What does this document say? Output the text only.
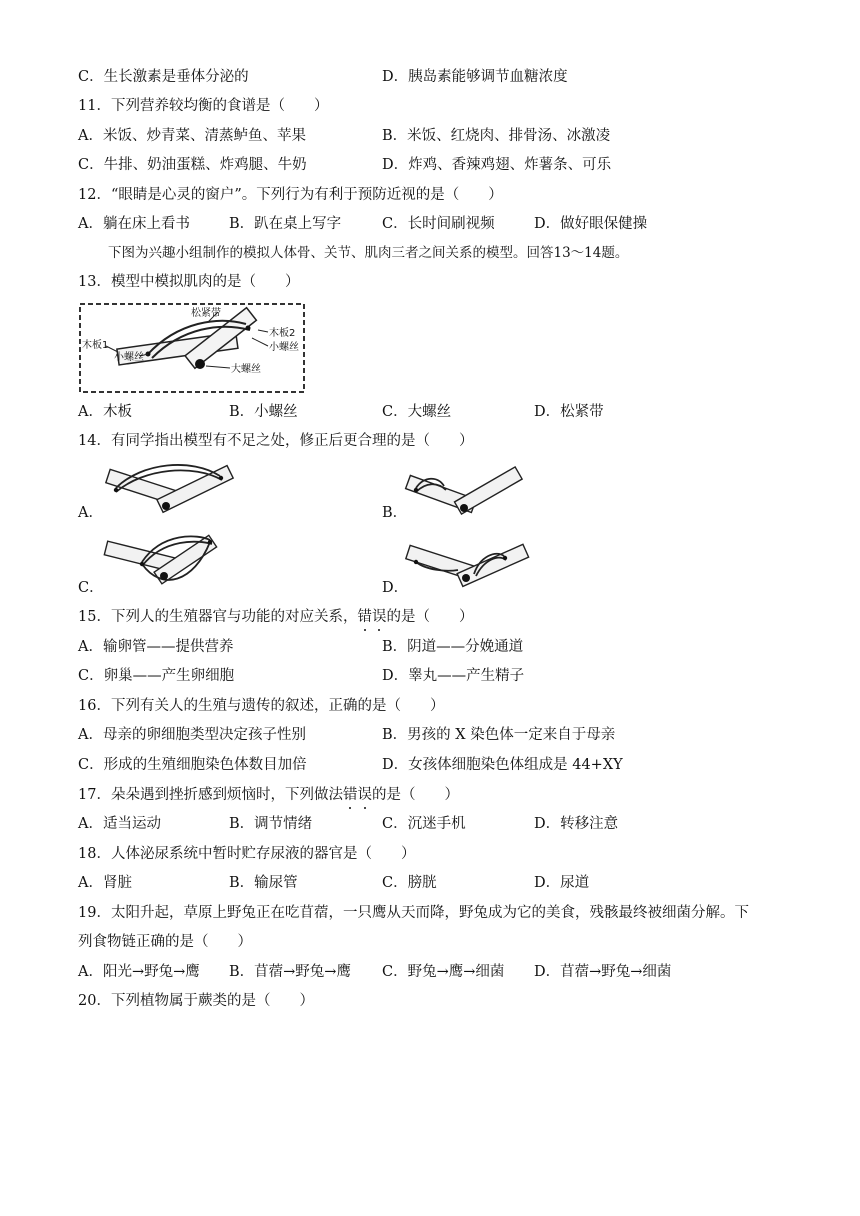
C．生长激素是垂体分泌的	D．胰岛素能够调节血糖浓度
11．下列营养较均衡的食谱是（　　）
A．米饭、炒青菜、清蒸鲈鱼、苹果	B．米饭、红烧肉、排骨汤、冰激凌
C．牛排、奶油蛋糕、炸鸡腿、牛奶	D．炸鸡、香辣鸡翅、炸薯条、可乐
12．“眼睛是心灵的窗户”。下列行为有利于预防近视的是（　　）
A．躺在床上看书	B．趴在桌上写字	C．长时间刷视频	D．做好眼保健操
下图为兴趣小组制作的模拟人体骨、关节、肌肉三者之间关系的模型。回答13～14题。
13．模型中模拟肌肉的是（　　）
松紧带
木板2
小螺丝
木板1
小螺丝
大螺丝
A．木板	B．小螺丝	C．大螺丝	D．松紧带
14．有同学指出模型有不足之处，修正后更合理的是（　　）
A．	B．
C．	D．
15．下列人的生殖器官与功能的对应关系，错误的是（　　）
A．输卵管——提供营养	B．阴道——分娩通道
C．卵巢——产生卵细胞	D．睾丸——产生精子
16．下列有关人的生殖与遗传的叙述，正确的是（　　）
A．母亲的卵细胞类型决定孩子性别	B．男孩的 X 染色体一定来自于母亲
C．形成的生殖细胞染色体数目加倍	D．女孩体细胞染色体组成是 44+XY
17．朵朵遇到挫折感到烦恼时，下列做法错误的是（　　）
A．适当运动	B．调节情绪	C．沉迷手机	D．转移注意
18．人体泌尿系统中暂时贮存尿液的器官是（　　）
A．肾脏	B．输尿管	C．膀胱	D．尿道
19．太阳升起，草原上野兔正在吃苜蓿，一只鹰从天而降，野兔成为它的美食，残骸最终被细菌分解。下
列食物链正确的是（　　）
A．阳光→野兔→鹰 B．苜蓿→野兔→鹰 C．野兔→鹰→细菌 D．苜蓿→野兔→细菌
20．下列植物属于蕨类的是（　　）
